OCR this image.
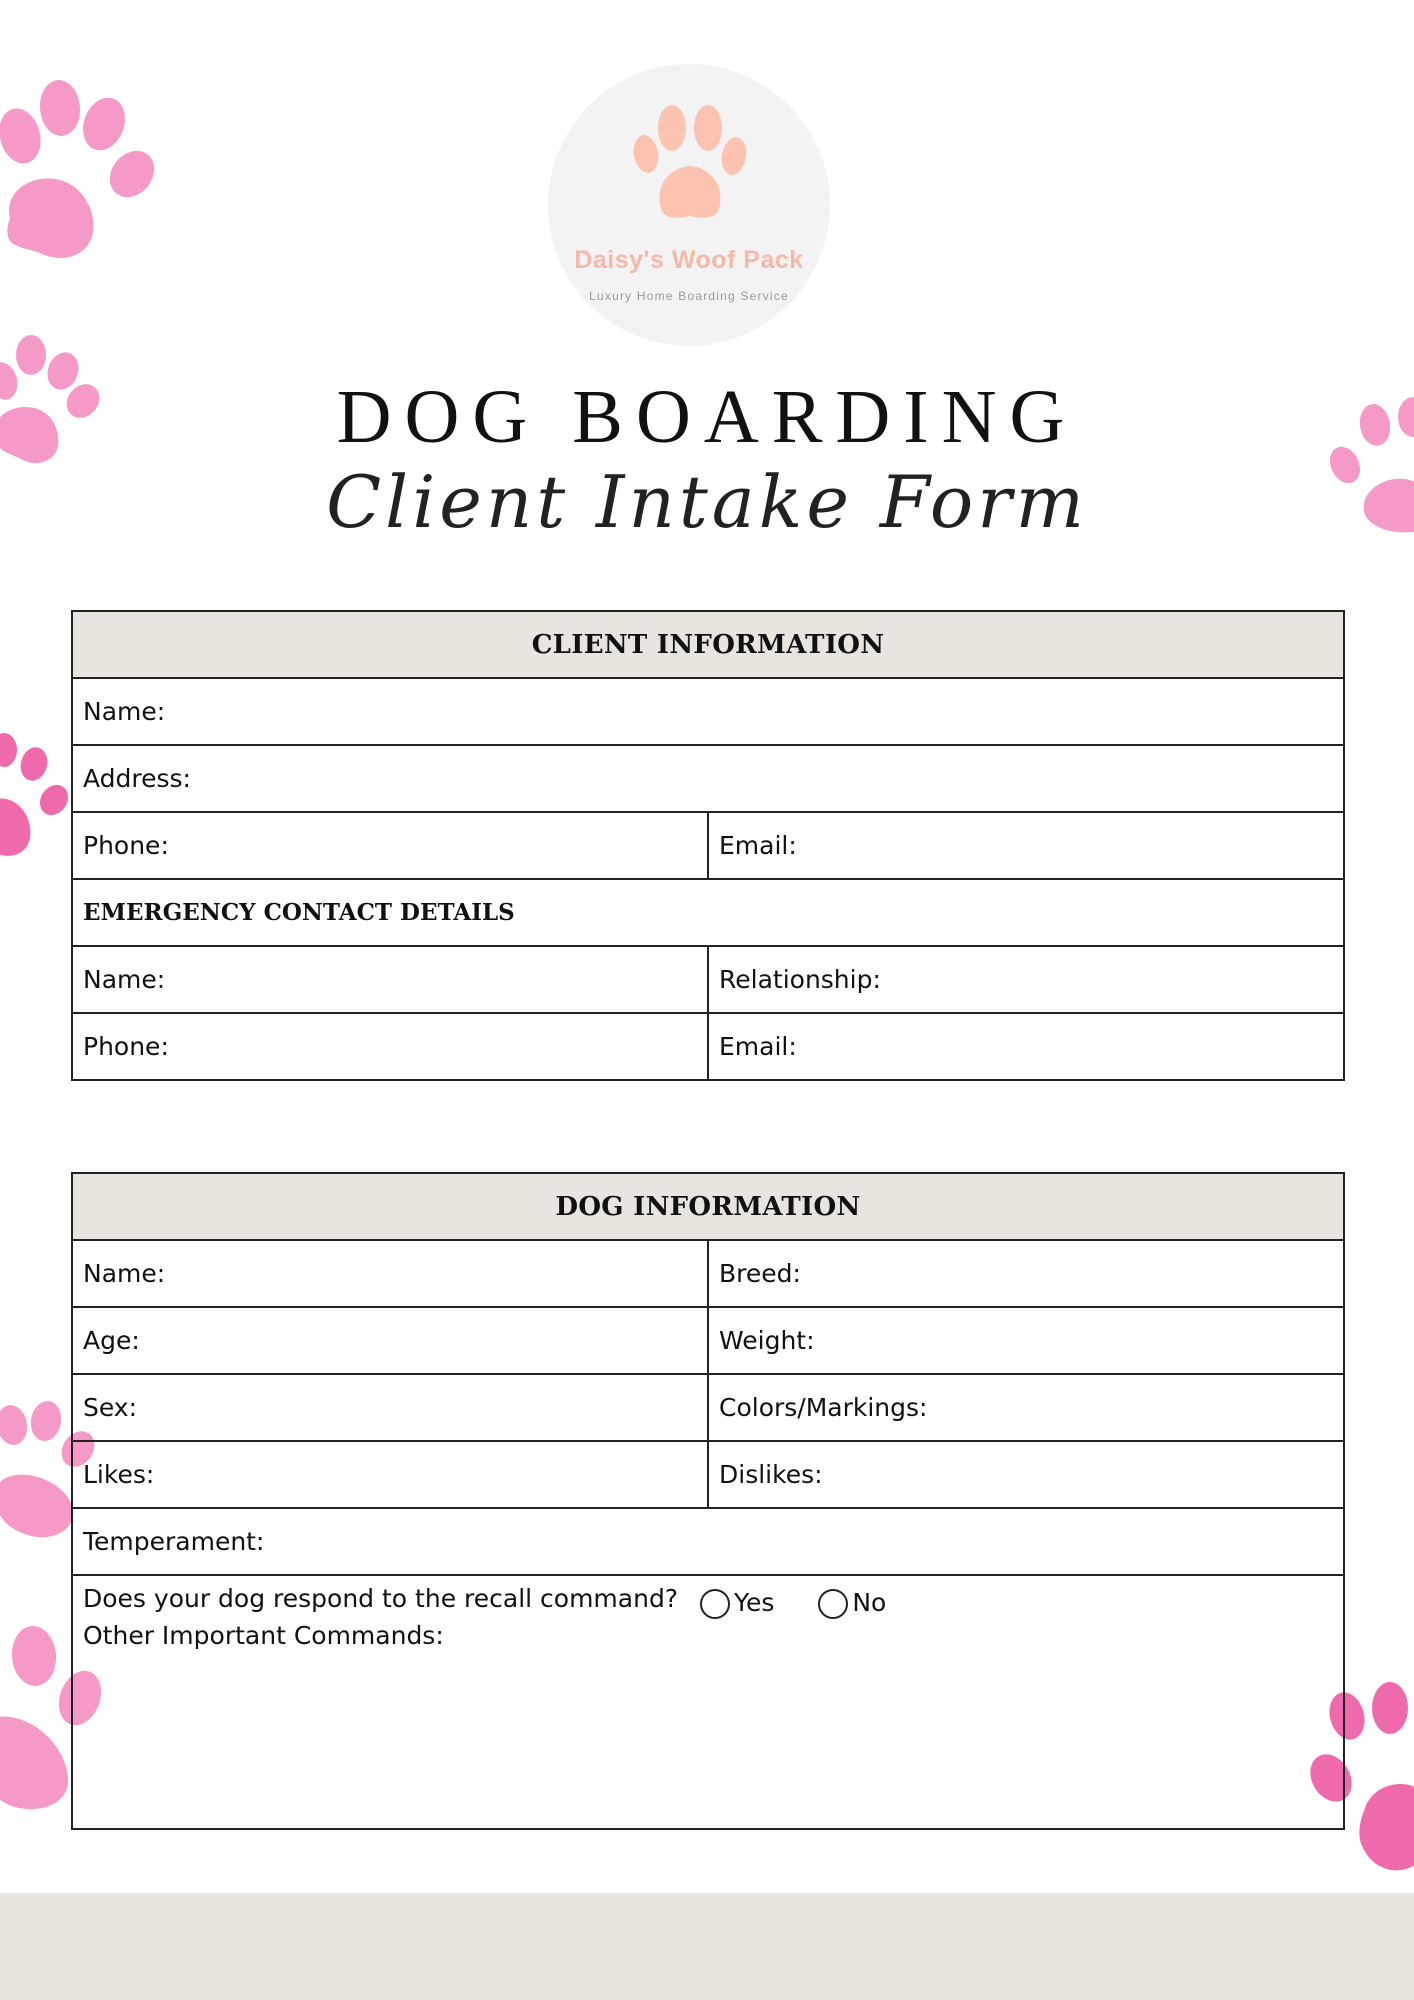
Daisy's Woof Pack
Luxury Home Boarding Service
DOG BOARDING
Client Intake Form
CLIENT INFORMATION	
Name:	
Address:	
Phone:	Email:
EMERGENCY CONTACT DETAILS	
Name:	Relationship:
Phone:	Email:
DOG INFORMATION	
Name:	Breed:
Age:	Weight:
Sex:	Colors/Markings:
Likes:	Dislikes:
Temperament:	
Does your dog respond to the recall command? Yes No
Other Important Commands:	
